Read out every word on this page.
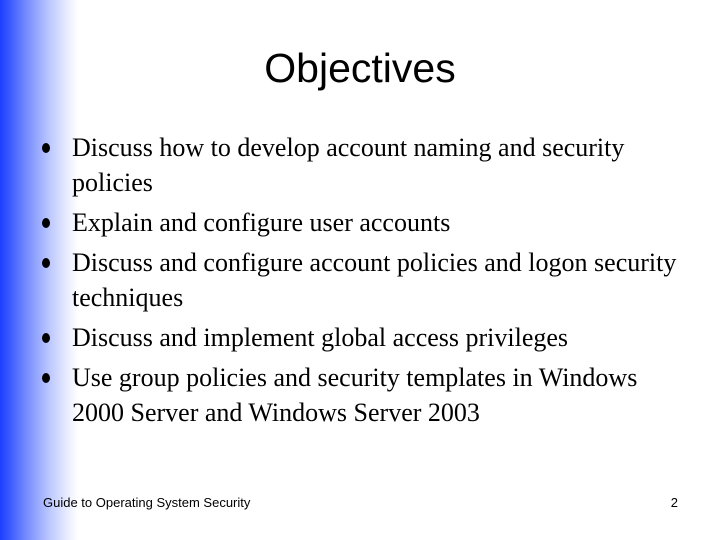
Objectives
Discuss how to develop account naming and security policies
Explain and configure user accounts
Discuss and configure account policies and logon security techniques
Discuss and implement global access privileges
Use group policies and security templates in Windows 2000 Server and Windows Server 2003
Guide to Operating System Security	2
